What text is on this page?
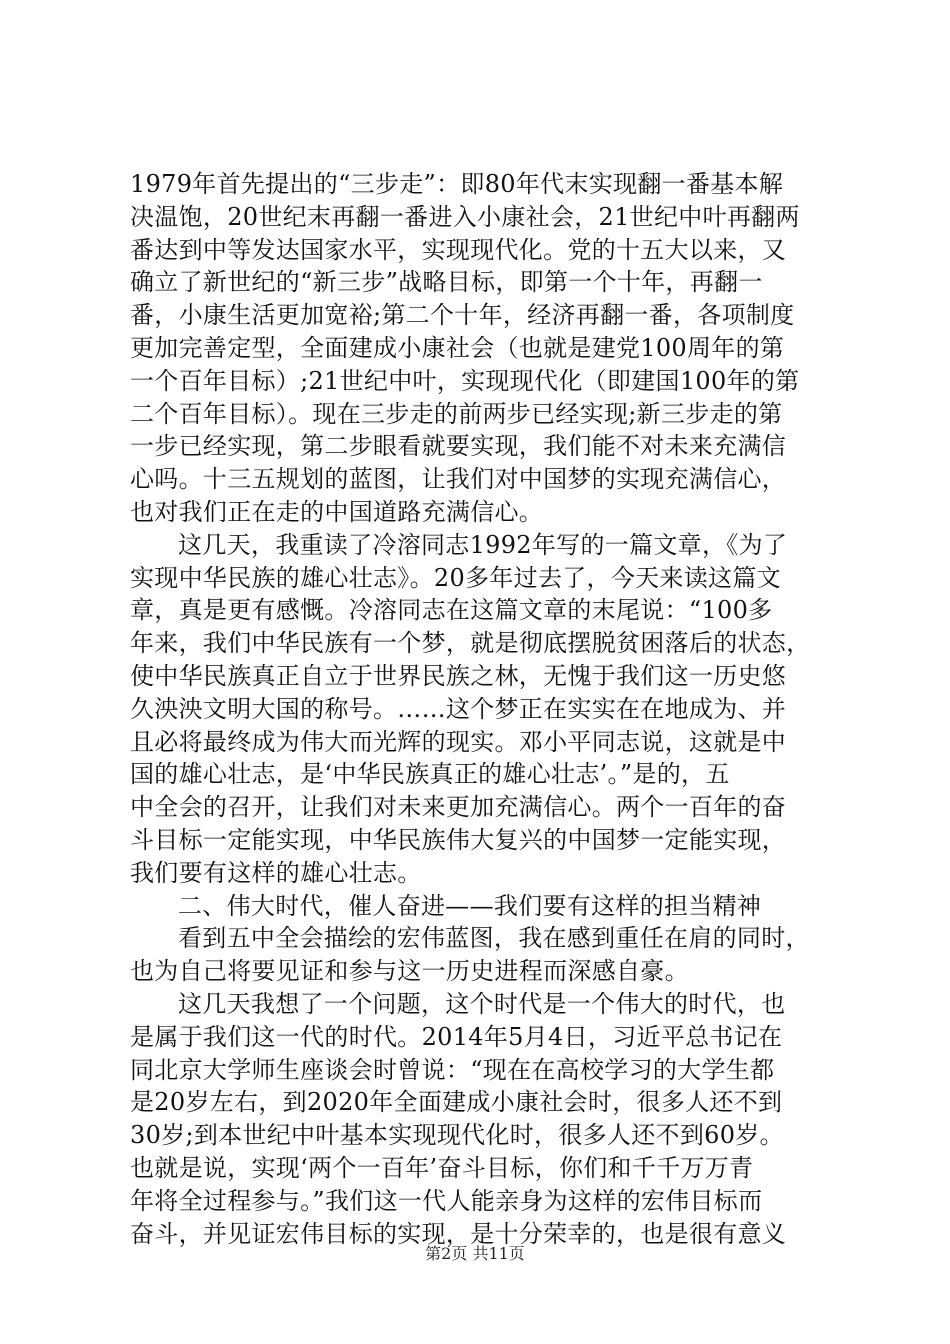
1979年首先提出的“三步走”：即80年代末实现翻一番基本解
决温饱，20世纪末再翻一番进入小康社会，21世纪中叶再翻两
番达到中等发达国家水平，实现现代化。党的十五大以来，又
确立了新世纪的“新三步”战略目标，即第一个十年，再翻一
番，小康生活更加宽裕;第二个十年，经济再翻一番，各项制度
更加完善定型，全面建成小康社会（也就是建党100周年的第
一个百年目标）;21世纪中叶，实现现代化（即建国100年的第
二个百年目标）。现在三步走的前两步已经实现;新三步走的第
一步已经实现，第二步眼看就要实现，我们能不对未来充满信
心吗。十三五规划的蓝图，让我们对中国梦的实现充满信心，
也对我们正在走的中国道路充满信心。
这几天，我重读了冷溶同志1992年写的一篇文章，《为了
实现中华民族的雄心壮志》。20多年过去了，今天来读这篇文
章，真是更有感慨。冷溶同志在这篇文章的末尾说：“100多
年来，我们中华民族有一个梦，就是彻底摆脱贫困落后的状态，
使中华民族真正自立于世界民族之林，无愧于我们这一历史悠
久泱泱文明大国的称号。……这个梦正在实实在在地成为、并
且必将最终成为伟大而光辉的现实。邓小平同志说，这就是中
国的雄心壮志，是‘中华民族真正的雄心壮志’。”是的，五
中全会的召开，让我们对未来更加充满信心。两个一百年的奋
斗目标一定能实现，中华民族伟大复兴的中国梦一定能实现，
我们要有这样的雄心壮志。
二、伟大时代，催人奋进——我们要有这样的担当精神
看到五中全会描绘的宏伟蓝图，我在感到重任在肩的同时，
也为自己将要见证和参与这一历史进程而深感自豪。
这几天我想了一个问题，这个时代是一个伟大的时代，也
是属于我们这一代的时代。2014年5月4日，习近平总书记在
同北京大学师生座谈会时曾说：“现在在高校学习的大学生都
是20岁左右，到2020年全面建成小康社会时，很多人还不到
30岁;到本世纪中叶基本实现现代化时，很多人还不到60岁。
也就是说，实现‘两个一百年’奋斗目标，你们和千千万万青
年将全过程参与。”我们这一代人能亲身为这样的宏伟目标而
奋斗，并见证宏伟目标的实现，是十分荣幸的，也是很有意义
第2页 共11页
